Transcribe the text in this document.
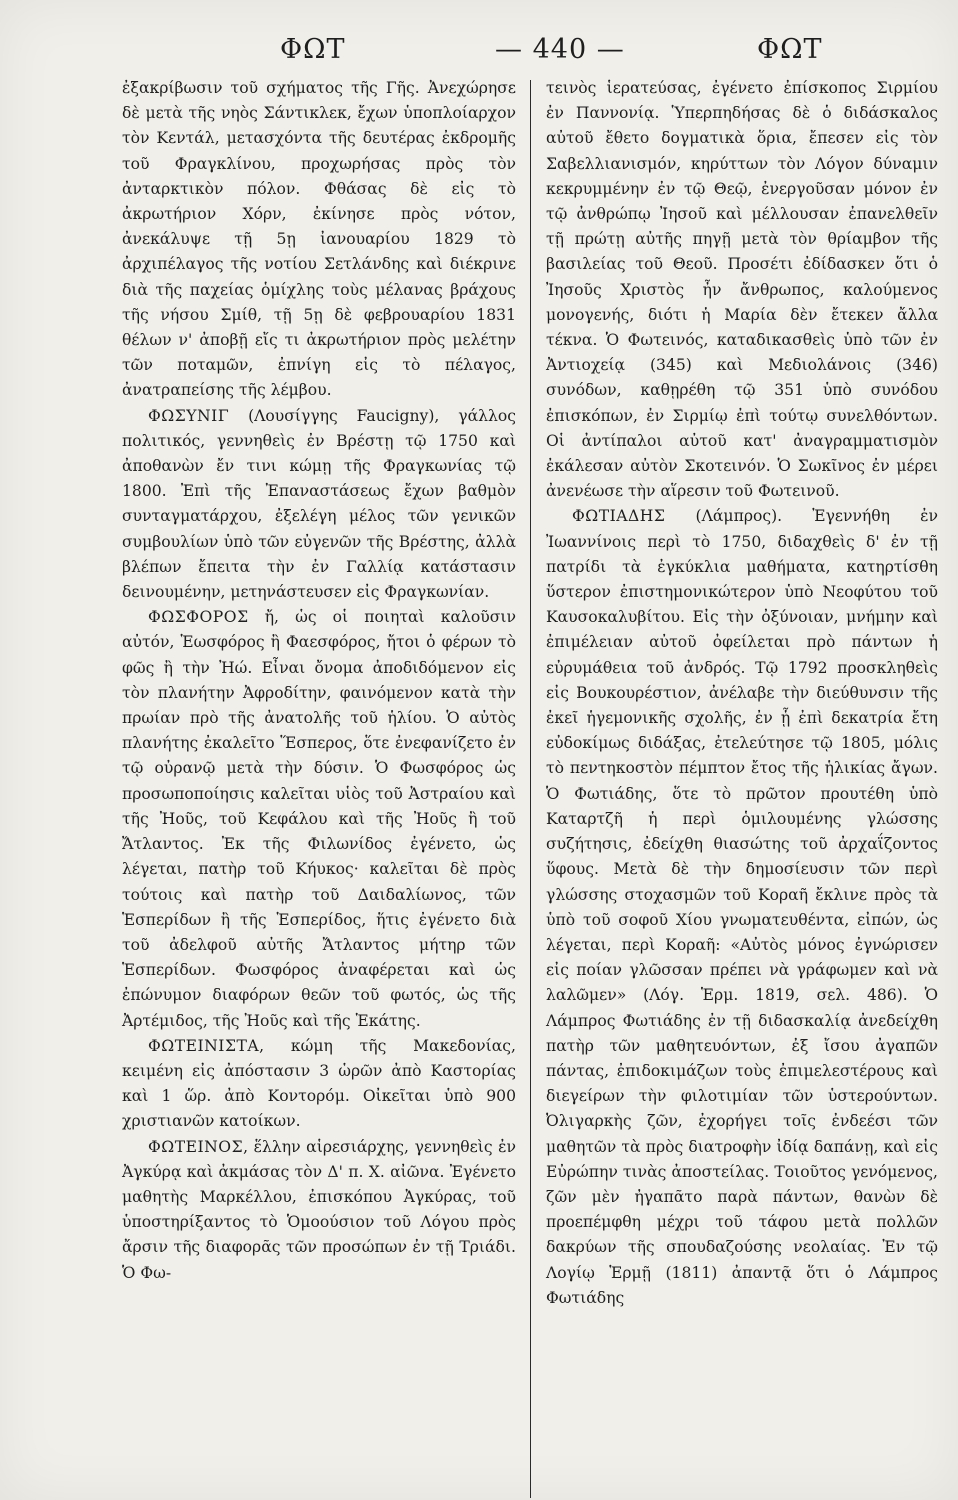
ΦΩΤ	— 440 —	ΦΩΤ

ἐξακρίβωσιν τοῦ σχήματος τῆς Γῆς. Ἀνεχώρησε δὲ μετὰ τῆς νηὸς Σάντικλεκ, ἔχων ὑποπλοίαρχον τὸν Κεντάλ, μετασχόντα τῆς δευτέρας ἐκδρομῆς τοῦ Φραγκλίνου, προχωρήσας πρὸς τὸν ἀνταρκτικὸν πόλον. Φθάσας δὲ εἰς τὸ ἀκρωτήριον Χόρν, ἐκίνησε πρὸς νότον, ἀνεκάλυψε τῇ 5ῃ ἰανουαρίου 1829 τὸ ἀρχιπέλαγος τῆς νοτίου Σετλάνδης καὶ διέκρινε διὰ τῆς παχείας ὁμίχλης τοὺς μέλανας βράχους τῆς νήσου Σμίθ, τῇ 5ῃ δὲ φεβρουαρίου 1831 θέλων ν' ἀποβῇ εἴς τι ἀκρωτήριον πρὸς μελέτην τῶν ποταμῶν, ἐπνίγη εἰς τὸ πέλαγος, ἀνατραπείσης τῆς λέμβου.

ΦΩΣΥΝΙΓ (Λουσίγγης Faucigny), γάλλος πολιτικός, γεννηθεὶς ἐν Βρέστῃ τῷ 1750 καὶ ἀποθανὼν ἔν τινι κώμῃ τῆς Φραγκωνίας τῷ 1800. Ἐπὶ τῆς Ἐπαναστάσεως ἔχων βαθμὸν συνταγματάρχου, ἐξελέγη μέλος τῶν γενικῶν συμβουλίων ὑπὸ τῶν εὐγενῶν τῆς Βρέστης, ἀλλὰ βλέπων ἔπειτα τὴν ἐν Γαλλίᾳ κατάστασιν δεινουμένην, μετηνάστευσεν εἰς Φραγκωνίαν.

ΦΩΣΦΟΡΟΣ ἤ, ὡς οἱ ποιηταὶ καλοῦσιν αὐτόν, Ἑωσφόρος ἢ Φαεσφόρος, ἤτοι ὁ φέρων τὸ φῶς ἢ τὴν Ἠώ. Εἶναι ὄνομα ἀποδιδόμενον εἰς τὸν πλανήτην Ἀφροδίτην, φαινόμενον κατὰ τὴν πρωίαν πρὸ τῆς ἀνατολῆς τοῦ ἡλίου. Ὁ αὐτὸς πλανήτης ἐκαλεῖτο Ἕσπερος, ὅτε ἐνεφανίζετο ἐν τῷ οὐρανῷ μετὰ τὴν δύσιν. Ὁ Φωσφόρος ὡς προσωποποίησις καλεῖται υἱὸς τοῦ Ἀστραίου καὶ τῆς Ἠοῦς, τοῦ Κεφάλου καὶ τῆς Ἠοῦς ἢ τοῦ Ἄτλαντος. Ἐκ τῆς Φιλωνίδος ἐγένετο, ὡς λέγεται, πατὴρ τοῦ Κήυκος· καλεῖται δὲ πρὸς τούτοις καὶ πατὴρ τοῦ Δαιδαλίωνος, τῶν Ἑσπερίδων ἢ τῆς Ἑσπερίδος, ἥτις ἐγένετο διὰ τοῦ ἀδελφοῦ αὐτῆς Ἄτλαντος μήτηρ τῶν Ἑσπερίδων. Φωσφόρος ἀναφέρεται καὶ ὡς ἐπώνυμον διαφόρων θεῶν τοῦ φωτός, ὡς τῆς Ἀρτέμιδος, τῆς Ἠοῦς καὶ τῆς Ἑκάτης.

ΦΩΤΕΙΝΙΣΤΑ, κώμη τῆς Μακεδονίας, κειμένη εἰς ἀπόστασιν 3 ὡρῶν ἀπὸ Καστορίας καὶ 1 ὥρ. ἀπὸ Κοντορόμ. Οἰκεῖται ὑπὸ 900 χριστιανῶν κατοίκων.

ΦΩΤΕΙΝΟΣ, ἕλλην αἱρεσιάρχης, γεννηθεὶς ἐν Ἀγκύρᾳ καὶ ἀκμάσας τὸν Δ' π. Χ. αἰῶνα. Ἐγένετο μαθητὴς Μαρκέλλου, ἐπισκόπου Ἀγκύρας, τοῦ ὑποστηρίξαντος τὸ Ὁμοούσιον τοῦ Λόγου πρὸς ἄρσιν τῆς διαφορᾶς τῶν προσώπων ἐν τῇ Τριάδι. Ὁ Φω-

τεινὸς ἱερατεύσας, ἐγένετο ἐπίσκοπος Σιρμίου ἐν Παννονίᾳ. Ὑπερπηδήσας δὲ ὁ διδάσκαλος αὐτοῦ ἔθετο δογματικὰ ὅρια, ἔπεσεν εἰς τὸν Σαβελλιανισμόν, κηρύττων τὸν Λόγον δύναμιν κεκρυμμένην ἐν τῷ Θεῷ, ἐνεργοῦσαν μόνον ἐν τῷ ἀνθρώπῳ Ἰησοῦ καὶ μέλλουσαν ἐπανελθεῖν τῇ πρώτῃ αὐτῆς πηγῇ μετὰ τὸν θρίαμβον τῆς βασιλείας τοῦ Θεοῦ. Προσέτι ἐδίδασκεν ὅτι ὁ Ἰησοῦς Χριστὸς ἦν ἄνθρωπος, καλούμενος μονογενής, διότι ἡ Μαρία δὲν ἔτεκεν ἄλλα τέκνα. Ὁ Φωτεινός, καταδικασθεὶς ὑπὸ τῶν ἐν Ἀντιοχείᾳ (345) καὶ Μεδιολάνοις (346) συνόδων, καθῃρέθη τῷ 351 ὑπὸ συνόδου ἐπισκόπων, ἐν Σιρμίῳ ἐπὶ τούτῳ συνελθόντων. Οἱ ἀντίπαλοι αὐτοῦ κατ' ἀναγραμματισμὸν ἐκάλεσαν αὐτὸν Σκοτεινόν. Ὁ Σωκῖνος ἐν μέρει ἀνενέωσε τὴν αἵρεσιν τοῦ Φωτεινοῦ.

ΦΩΤΙΑΔΗΣ (Λάμπρος). Ἐγεννήθη ἐν Ἰωαννίνοις περὶ τὸ 1750, διδαχθεὶς δ' ἐν τῇ πατρίδι τὰ ἐγκύκλια μαθήματα, κατηρτίσθη ὕστερον ἐπιστημονικώτερον ὑπὸ Νεοφύτου τοῦ Καυσοκαλυβίτου. Εἰς τὴν ὀξύνοιαν, μνήμην καὶ ἐπιμέλειαν αὐτοῦ ὀφείλεται πρὸ πάντων ἡ εὐρυμάθεια τοῦ ἀνδρός. Τῷ 1792 προσκληθεὶς εἰς Βουκουρέστιον, ἀνέλαβε τὴν διεύθυνσιν τῆς ἐκεῖ ἡγεμονικῆς σχολῆς, ἐν ᾗ ἐπὶ δεκατρία ἔτη εὐδοκίμως διδάξας, ἐτελεύτησε τῷ 1805, μόλις τὸ πεντηκοστὸν πέμπτον ἔτος τῆς ἡλικίας ἄγων. Ὁ Φωτιάδης, ὅτε τὸ πρῶτον προυτέθη ὑπὸ Καταρτζῆ ἡ περὶ ὁμιλουμένης γλώσσης συζήτησις, ἐδείχθη θιασώτης τοῦ ἀρχαΐζοντος ὕφους. Μετὰ δὲ τὴν δημοσίευσιν τῶν περὶ γλώσσης στοχασμῶν τοῦ Κοραῆ ἔκλινε πρὸς τὰ ὑπὸ τοῦ σοφοῦ Χίου γνωματευθέντα, εἰπών, ὡς λέγεται, περὶ Κοραῆ: «Αὐτὸς μόνος ἐγνώρισεν εἰς ποίαν γλῶσσαν πρέπει νὰ γράφωμεν καὶ νὰ λαλῶμεν» (Λόγ. Ἑρμ. 1819, σελ. 486). Ὁ Λάμπρος Φωτιάδης ἐν τῇ διδασκαλίᾳ ἀνεδείχθη πατὴρ τῶν μαθητευόντων, ἐξ ἴσου ἀγαπῶν πάντας, ἐπιδοκιμάζων τοὺς ἐπιμελεστέρους καὶ διεγείρων τὴν φιλοτιμίαν τῶν ὑστερούντων. Ὀλιγαρκὴς ζῶν, ἐχορήγει τοῖς ἐνδεέσι τῶν μαθητῶν τὰ πρὸς διατροφὴν ἰδίᾳ δαπάνῃ, καὶ εἰς Εὐρώπην τινὰς ἀποστείλας. Τοιοῦτος γενόμενος, ζῶν μὲν ἠγαπᾶτο παρὰ πάντων, θανὼν δὲ προεπέμφθη μέχρι τοῦ τάφου μετὰ πολλῶν δακρύων τῆς σπουδαζούσης νεολαίας. Ἐν τῷ Λογίῳ Ἑρμῇ (1811) ἀπαντᾷ ὅτι ὁ Λάμπρος Φωτιάδης
